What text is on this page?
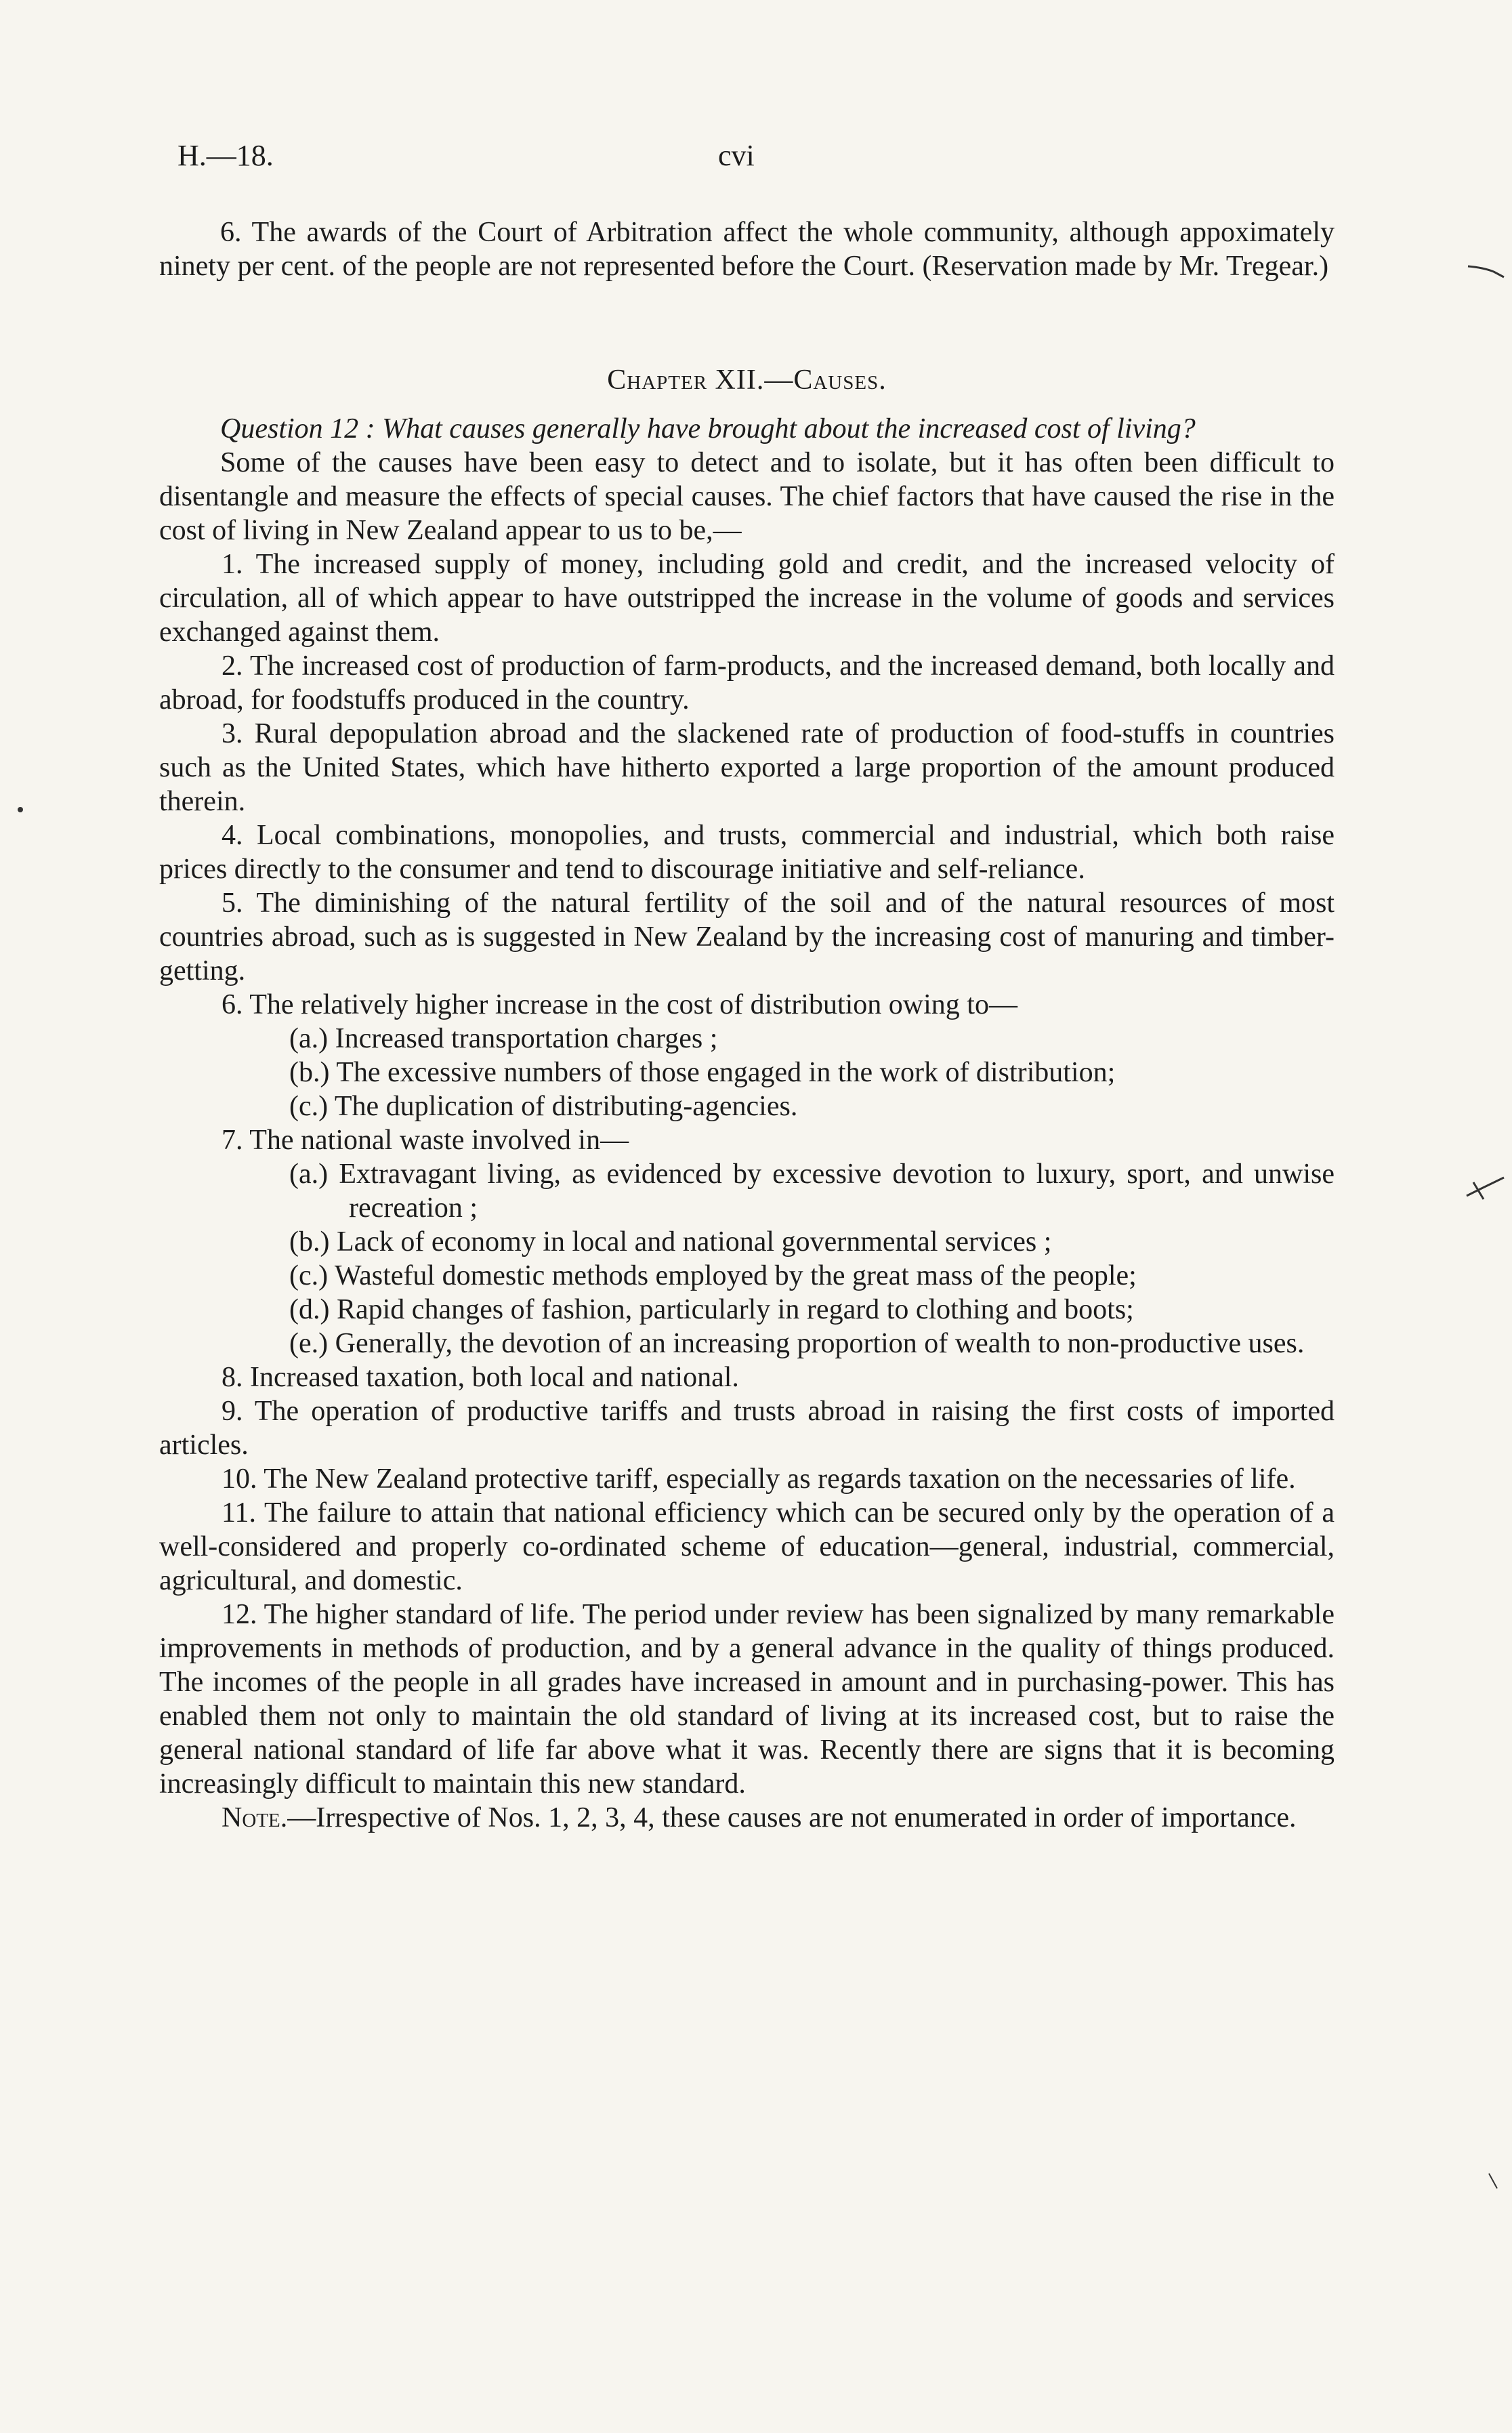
H.—18.	cvi

6. The awards of the Court of Arbitration affect the whole community, although appoximately ninety per cent. of the people are not represented before the Court. (Reservation made by Mr. Tregear.)

Chapter XII.—Causes.

Question 12 : What causes generally have brought about the increased cost of living?

Some of the causes have been easy to detect and to isolate, but it has often been difficult to disentangle and measure the effects of special causes. The chief factors that have caused the rise in the cost of living in New Zealand appear to us to be,—

1. The increased supply of money, including gold and credit, and the increased velocity of circulation, all of which appear to have outstripped the increase in the volume of goods and services exchanged against them.

2. The increased cost of production of farm-products, and the increased demand, both locally and abroad, for foodstuffs produced in the country.

3. Rural depopulation abroad and the slackened rate of production of food-stuffs in countries such as the United States, which have hitherto exported a large proportion of the amount produced therein.

4. Local combinations, monopolies, and trusts, commercial and industrial, which both raise prices directly to the consumer and tend to discourage initiative and self-reliance.

5. The diminishing of the natural fertility of the soil and of the natural resources of most countries abroad, such as is suggested in New Zealand by the increasing cost of manuring and timber-getting.

6. The relatively higher increase in the cost of distribution owing to—

(a.) Increased transportation charges ;

(b.) The excessive numbers of those engaged in the work of distribution;

(c.) The duplication of distributing-agencies.

7. The national waste involved in—

(a.) Extravagant living, as evidenced by excessive devotion to luxury, sport, and unwise recreation ;

(b.) Lack of economy in local and national governmental services ;

(c.) Wasteful domestic methods employed by the great mass of the people;

(d.) Rapid changes of fashion, particularly in regard to clothing and boots;

(e.) Generally, the devotion of an increasing proportion of wealth to non-productive uses.

8. Increased taxation, both local and national.

9. The operation of productive tariffs and trusts abroad in raising the first costs of imported articles.

10. The New Zealand protective tariff, especially as regards taxation on the necessaries of life.

11. The failure to attain that national efficiency which can be secured only by the operation of a well-considered and properly co-ordinated scheme of education—general, industrial, commercial, agricultural, and domestic.

12. The higher standard of life. The period under review has been signalized by many remarkable improvements in methods of production, and by a general advance in the quality of things produced. The incomes of the people in all grades have increased in amount and in purchasing-power. This has enabled them not only to maintain the old standard of living at its increased cost, but to raise the general national standard of life far above what it was. Recently there are signs that it is becoming increasingly difficult to maintain this new standard.

Note.—Irrespective of Nos. 1, 2, 3, 4, these causes are not enumerated in order of importance.
